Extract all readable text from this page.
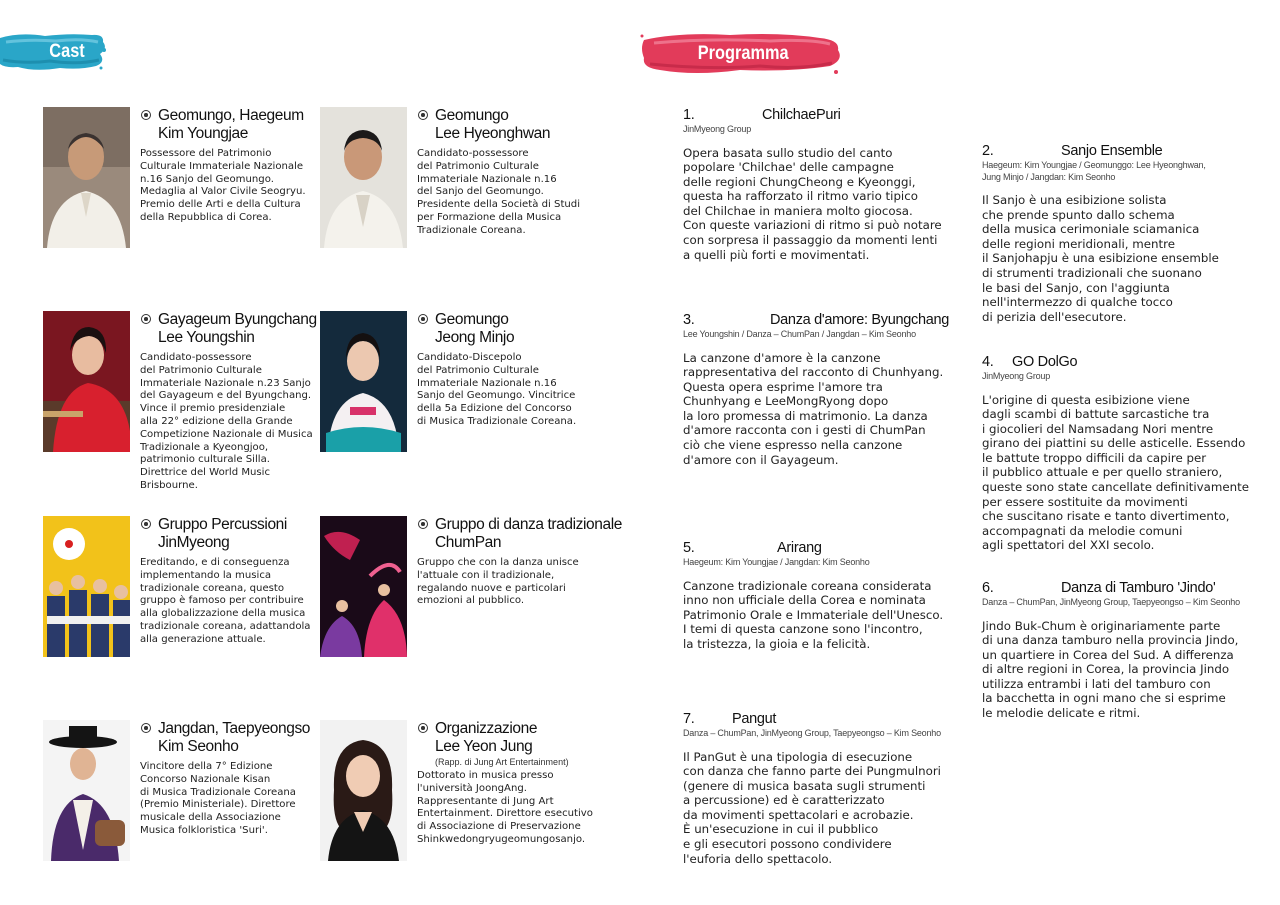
Cast	Programma
Geomungo, Haegeum
Kim Youngjae
Possessore del Patrimonio
Culturale Immateriale Nazionale
n.16 Sanjo del Geomungo.
Medaglia al Valor Civile Seogryu.
Premio delle Arti e della Cultura
della Repubblica di Corea.
Geomungo
Lee Hyeonghwan
Candidato-possessore
del Patrimonio Culturale
Immateriale Nazionale n.16
del Sanjo del Geomungo.
Presidente della Società di Studi
per Formazione della Musica
Tradizionale Coreana.
Gayageum Byungchang
Lee Youngshin
Candidato-possessore
del Patrimonio Culturale
Immateriale Nazionale n.23 Sanjo
del Gayageum e del Byungchang.
Vince il premio presidenziale
alla 22° edizione della Grande
Competizione Nazionale di Musica
Tradizionale a Kyeongjoo,
patrimonio culturale Silla.
Direttrice del World Music
Brisbourne.
Geomungo
Jeong Minjo
Candidato-Discepolo
del Patrimonio Culturale
Immateriale Nazionale n.16
Sanjo del Geomungo. Vincitrice
della 5a Edizione del Concorso
di Musica Tradizionale Coreana.
Gruppo Percussioni
JinMyeong
Ereditando, e di conseguenza
implementando la musica
tradizionale coreana, questo
gruppo è famoso per contribuire
alla globalizzazione della musica
tradizionale coreana, adattandola
alla generazione attuale.
Gruppo di danza tradizionale
ChumPan
Gruppo che con la danza unisce
l'attuale con il tradizionale,
regalando nuove e particolari
emozioni al pubblico.
Jangdan, Taepyeongso
Kim Seonho
Vincitore della 7° Edizione
Concorso Nazionale Kisan
di Musica Tradizionale Coreana
(Premio Ministeriale). Direttore
musicale della Associazione
Musica folkloristica 'Suri'.
Organizzazione
Lee Yeon Jung
(Rapp. di Jung Art Entertainment)
Dottorato in musica presso
l'università JoongAng.
Rappresentante di Jung Art
Entertainment. Direttore esecutivo
di Associazione di Preservazione
Shinkwedongryugeomungosanjo.
1.	ChilchaePuri
JinMyeong Group
Opera basata sullo studio del canto
popolare 'Chilchae' delle campagne
delle regioni ChungCheong e Kyeonggi,
questa ha rafforzato il ritmo vario tipico
del Chilchae in maniera molto giocosa.
Con queste variazioni di ritmo si può notare
con sorpresa il passaggio da momenti lenti
a quelli più forti e movimentati.
3.	Danza d'amore: Byungchang
Lee Youngshin / Danza – ChumPan / Jangdan – Kim Seonho
La canzone d'amore è la canzone
rappresentativa del racconto di Chunhyang.
Questa opera esprime l'amore tra
Chunhyang e LeeMongRyong dopo
la loro promessa di matrimonio. La danza
d'amore racconta con i gesti di ChumPan
ciò che viene espresso nella canzone
d'amore con il Gayageum.
5.	Arirang
Haegeum: Kim Youngjae / Jangdan: Kim Seonho
Canzone tradizionale coreana considerata
inno non ufficiale della Corea e nominata
Patrimonio Orale e Immateriale dell'Unesco.
I temi di questa canzone sono l'incontro,
la tristezza, la gioia e la felicità.
7.	Pangut
Danza – ChumPan, JinMyeong Group, Taepyeongso – Kim Seonho
Il PanGut è una tipologia di esecuzione
con danza che fanno parte dei Pungmulnori
(genere di musica basata sugli strumenti
a percussione) ed è caratterizzato
da movimenti spettacolari e acrobazie.
È un'esecuzione in cui il pubblico
e gli esecutori possono condividere
l'euforia dello spettacolo.
2.	Sanjo Ensemble
Haegeum: Kim Youngjae / Geomunggo: Lee Hyeonghwan,
Jung Minjo / Jangdan: Kim Seonho
Il Sanjo è una esibizione solista
che prende spunto dallo schema
della musica cerimoniale sciamanica
delle regioni meridionali, mentre
il Sanjohapju è una esibizione ensemble
di strumenti tradizionali che suonano
le basi del Sanjo, con l'aggiunta
nell'intermezzo di qualche tocco
di perizia dell'esecutore.
4.	GO DolGo
JinMyeong Group
L'origine di questa esibizione viene
dagli scambi di battute sarcastiche tra
i giocolieri del Namsadang Nori mentre
girano dei piattini su delle asticelle. Essendo
le battute troppo difficili da capire per
il pubblico attuale e per quello straniero,
queste sono state cancellate definitivamente
per essere sostituite da movimenti
che suscitano risate e tanto divertimento,
accompagnati da melodie comuni
agli spettatori del XXI secolo.
6.	Danza di Tamburo 'Jindo'
Danza – ChumPan, JinMyeong Group, Taepyeongso – Kim Seonho
Jindo Buk-Chum è originariamente parte
di una danza tamburo nella provincia Jindo,
un quartiere in Corea del Sud. A differenza
di altre regioni in Corea, la provincia Jindo
utilizza entrambi i lati del tamburo con
la bacchetta in ogni mano che si esprime
le melodie delicate e ritmi.
